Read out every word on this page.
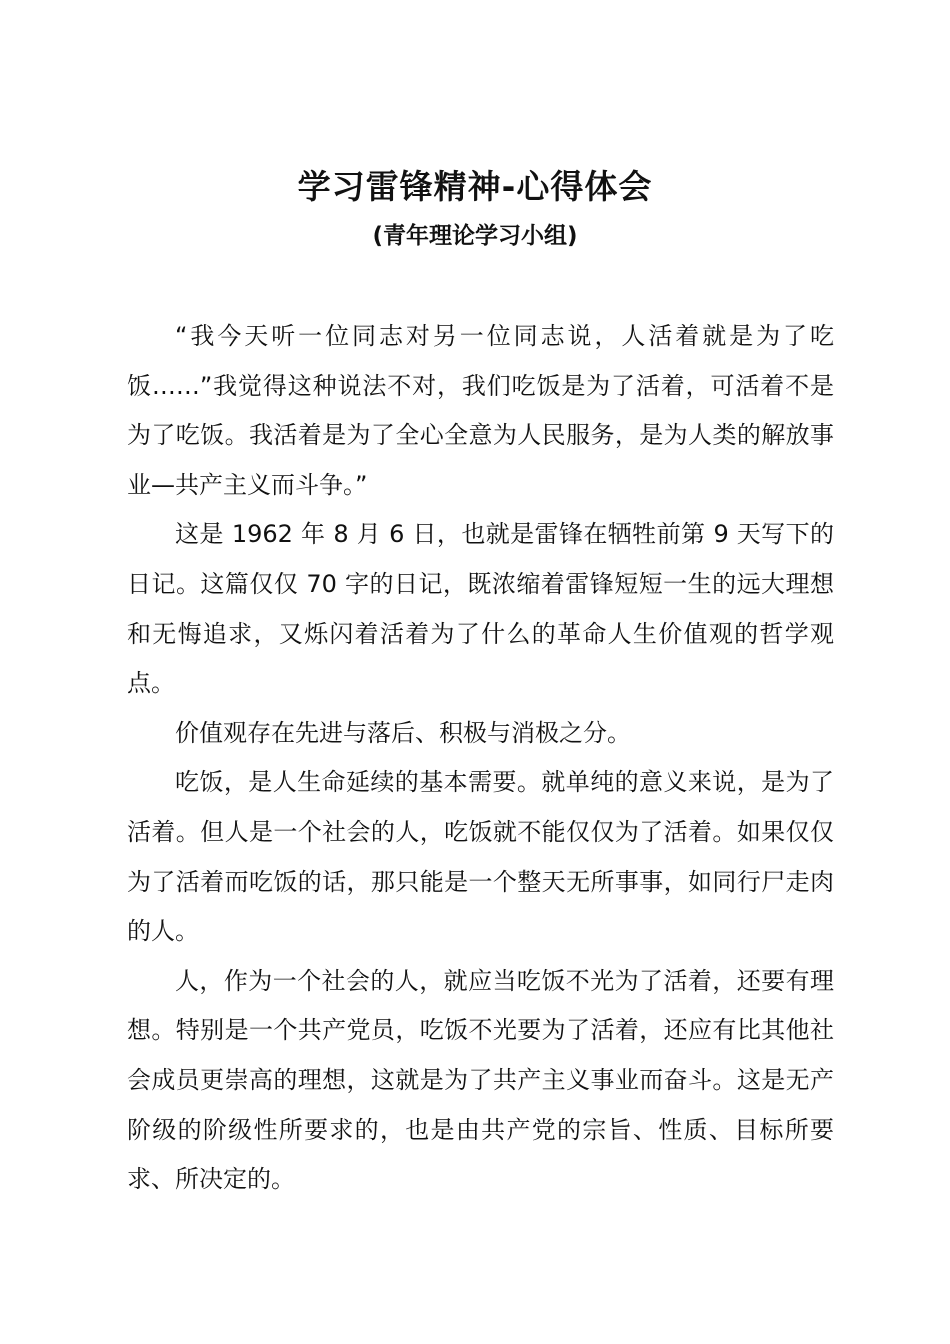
学习雷锋精神-心得体会
(青年理论学习小组)

“我今天听一位同志对另一位同志说，人活着就是为了吃饭……”我觉得这种说法不对，我们吃饭是为了活着，可活着不是为了吃饭。我活着是为了全心全意为人民服务，是为人类的解放事业—共产主义而斗争。”

这是 1962 年 8 月 6 日，也就是雷锋在牺牲前第 9 天写下的日记。这篇仅仅 70 字的日记，既浓缩着雷锋短短一生的远大理想和无悔追求，又烁闪着活着为了什么的革命人生价值观的哲学观点。

价值观存在先进与落后、积极与消极之分。

吃饭，是人生命延续的基本需要。就单纯的意义来说，是为了活着。但人是一个社会的人，吃饭就不能仅仅为了活着。如果仅仅为了活着而吃饭的话，那只能是一个整天无所事事，如同行尸走肉的人。

人，作为一个社会的人，就应当吃饭不光为了活着，还要有理想。特别是一个共产党员，吃饭不光要为了活着，还应有比其他社会成员更崇高的理想，这就是为了共产主义事业而奋斗。这是无产阶级的阶级性所要求的，也是由共产党的宗旨、性质、目标所要求、所决定的。
